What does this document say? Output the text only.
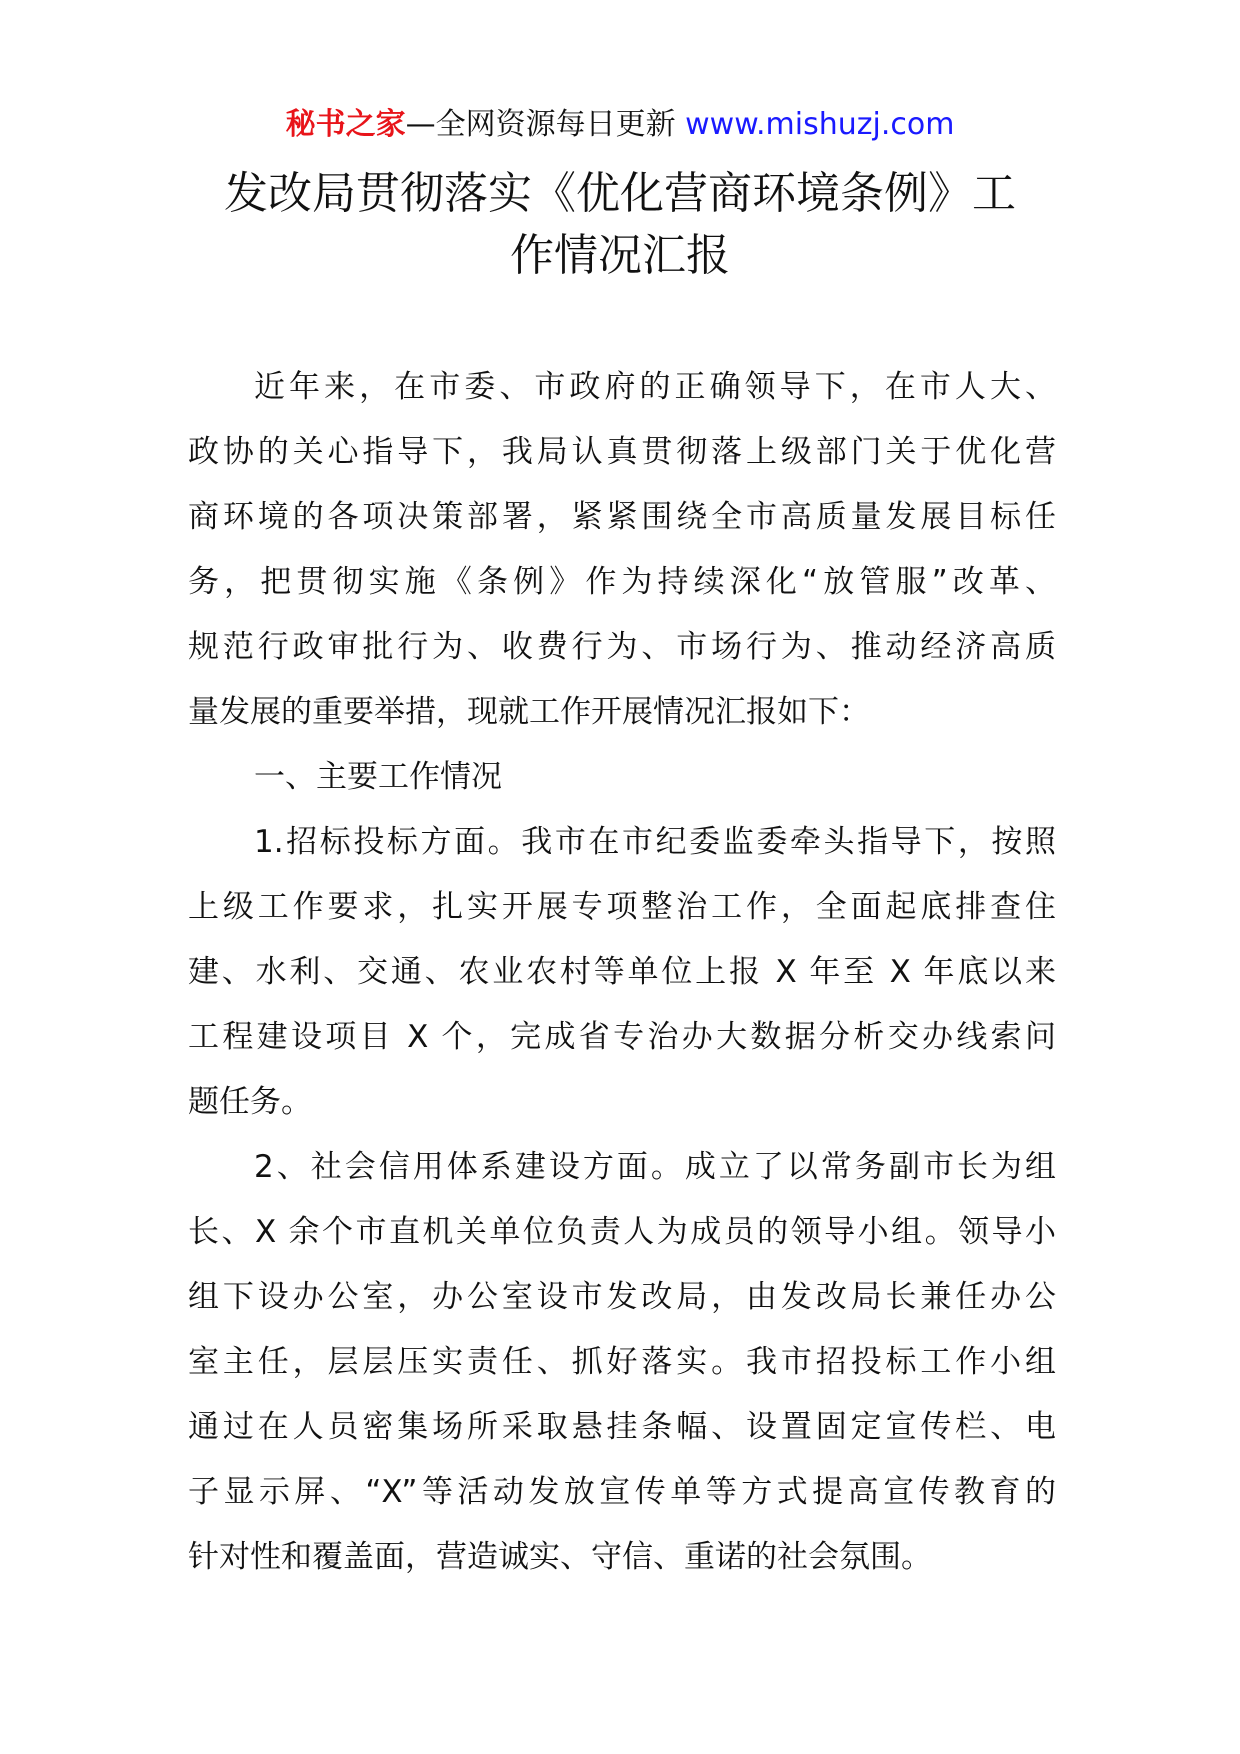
秘书之家—全网资源每日更新 www.mishuzj.com
发改局贯彻落实《优化营商环境条例》工
作情况汇报

近年来，在市委、市政府的正确领导下，在市人大、
政协的关心指导下，我局认真贯彻落上级部门关于优化营
商环境的各项决策部署，紧紧围绕全市高质量发展目标任
务，把贯彻实施《条例》作为持续深化“放管服”改革、
规范行政审批行为、收费行为、市场行为、推动经济高质
量发展的重要举措，现就工作开展情况汇报如下：

一、主要工作情况

1.招标投标方面。我市在市纪委监委牵头指导下，按照
上级工作要求，扎实开展专项整治工作，全面起底排查住
建、水利、交通、农业农村等单位上报 X 年至 X 年底以来
工程建设项目 X 个，完成省专治办大数据分析交办线索问
题任务。

2、社会信用体系建设方面。成立了以常务副市长为组
长、X 余个市直机关单位负责人为成员的领导小组。领导小
组下设办公室，办公室设市发改局，由发改局长兼任办公
室主任，层层压实责任、抓好落实。我市招投标工作小组
通过在人员密集场所采取悬挂条幅、设置固定宣传栏、电
子显示屏、“X”等活动发放宣传单等方式提高宣传教育的
针对性和覆盖面，营造诚实、守信、重诺的社会氛围。
